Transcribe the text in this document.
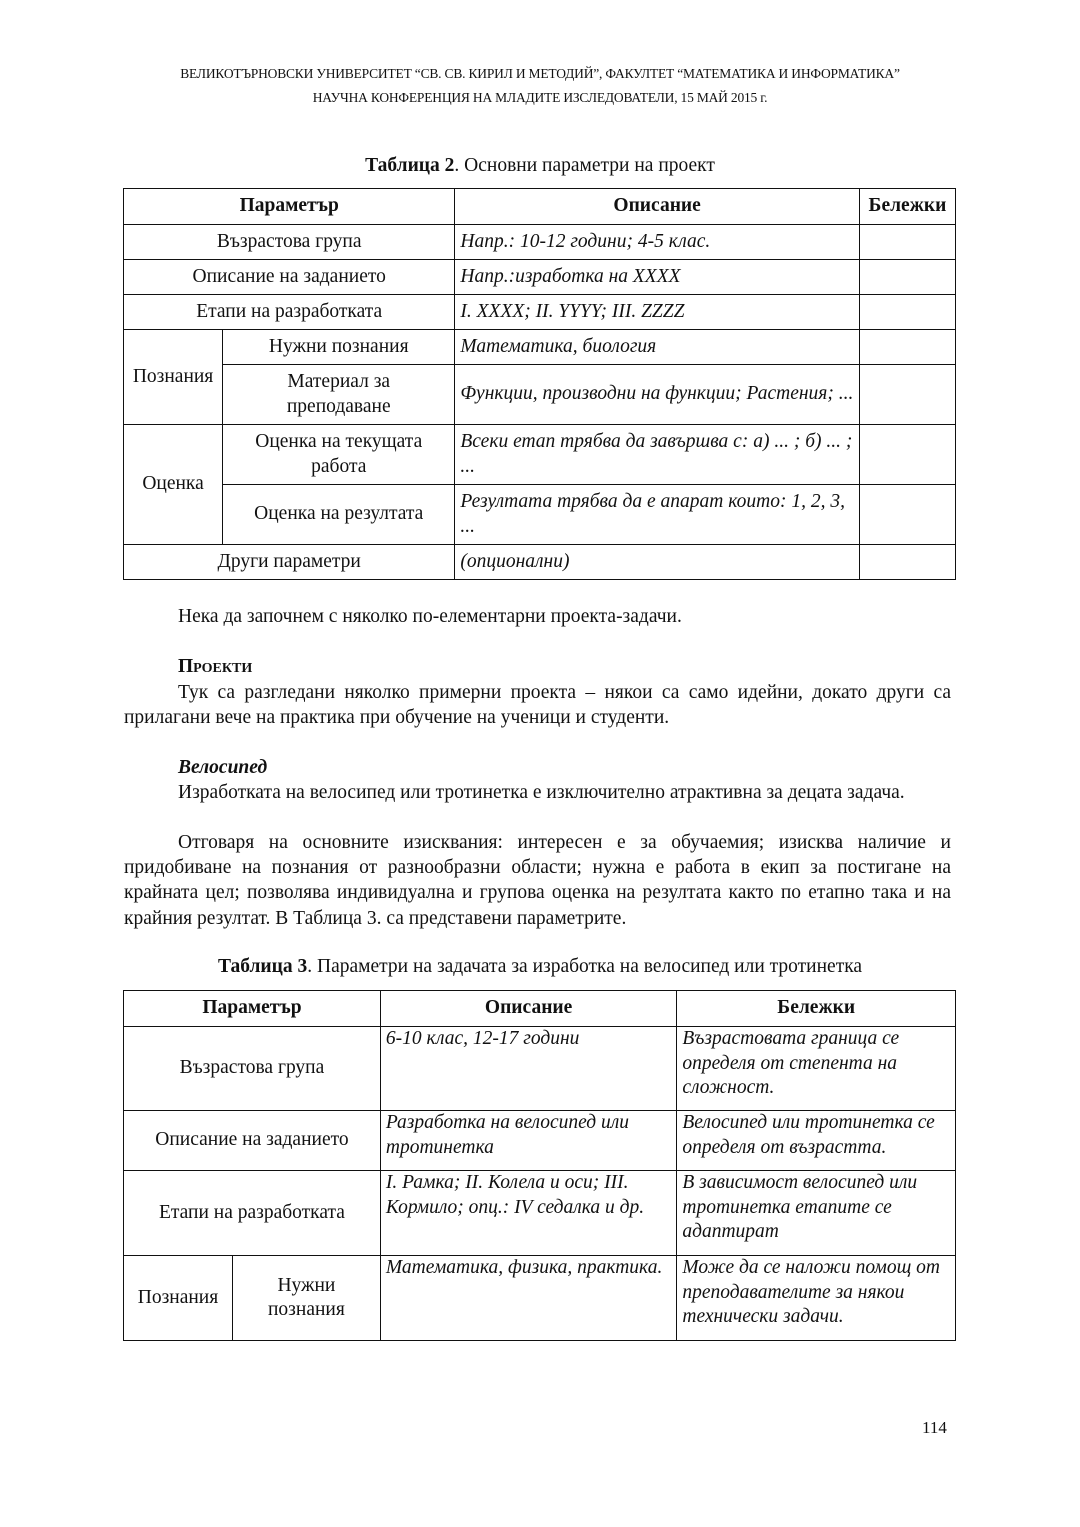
ВЕЛИКОТЪРНОВСКИ УНИВЕРСИТЕТ “СВ. СВ. КИРИЛ И МЕТОДИЙ”, ФАКУЛТЕТ “МАТЕМАТИКА И ИНФОРМАТИКА”
НАУЧНА КОНФЕРЕНЦИЯ НА МЛАДИТЕ ИЗСЛЕДОВАТЕЛИ, 15 МАЙ 2015 г.
Таблица 2. Основни параметри на проект
Параметър		Описание	Бележки
Възрастова група		Напр.: 10-12 години; 4-5 клас.	
Описание на заданието		Напр.:изработка на XXXX	
Етапи на разработката		I. XXXX; II. YYYY; III. ZZZZ	
Познания	Нужни познания	Математика, биология	
	Материал за преподаване	Функции, производни на функции; Растения; ...	
Оценка	Оценка на текущата работа	Всеки етап трябва да завършва с: а) ... ; б) ... ; ...	
	Оценка на резултата	Резултата трябва да е апарат които: 1, 2, 3, ...	
Други параметри		(опционални)	
Нека да започнем с няколко по-елементарни проекта-задачи.
Проекти
Тук са разгледани няколко примерни проекта – някои са само идейни, докато други са прилагани вече на практика при обучение на ученици и студенти.
Велосипед
Изработката на велосипед или тротинетка е изключително атрактивна за децата задача.
Отговаря на основните изисквания: интересен е за обучаемия; изисква наличие и придобиване на познания от разнообразни области; нужна е работа в екип за постигане на крайната цел; позволява индивидуална и групова оценка на резултата както по етапно така и на крайния резултат. В Таблица 3. са представени параметрите.
Таблица 3. Параметри на задачата за изработка на велосипед или тротинетка
Параметър		Описание	Бележки
Възрастова група		6-10 клас, 12-17 години	Възрастовата граница се определя от степента на сложност.
Описание на заданието		Разработка на велосипед или тротинетка	Велосипед или тротинетка се определя от възрастта.
Етапи на разработката		I. Рамка; II. Колела и оси; III. Кормило; опц.: IV седалка и др.	В зависимост велосипед или тротинетка етапите се адаптират
Познания	Нужни познания	Математика, физика, практика.	Може да се наложи помощ от преподавателите за някои технически задачи.
114
